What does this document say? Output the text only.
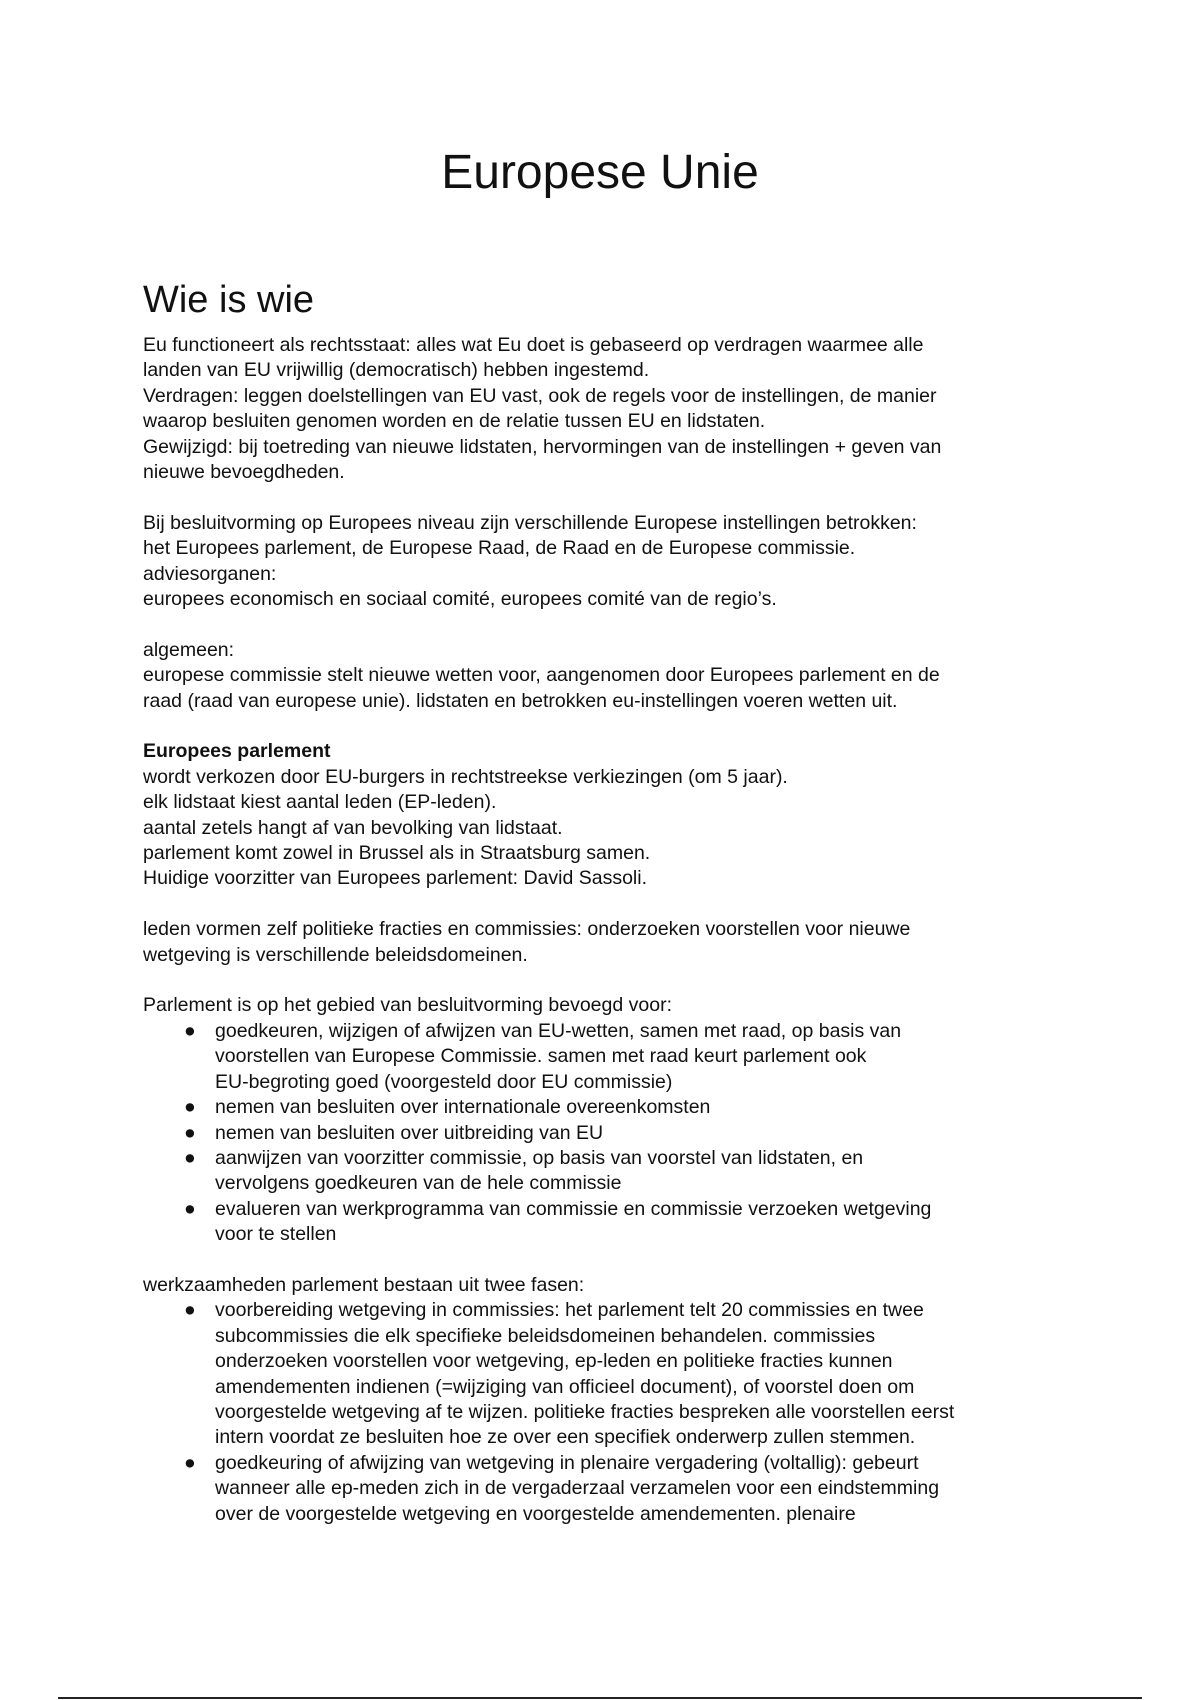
Europese Unie
Wie is wie

Eu functioneert als rechtsstaat: alles wat Eu doet is gebaseerd op verdragen waarmee alle

landen van EU vrijwillig (democratisch) hebben ingestemd.

Verdragen: leggen doelstellingen van EU vast, ook de regels voor de instellingen, de manier

waarop besluiten genomen worden en de relatie tussen EU en lidstaten.

Gewijzigd: bij toetreding van nieuwe lidstaten, hervormingen van de instellingen + geven van

nieuwe bevoegdheden.

Bij besluitvorming op Europees niveau zijn verschillende Europese instellingen betrokken:

het Europees parlement, de Europese Raad, de Raad en de Europese commissie.

adviesorganen:

europees economisch en sociaal comité, europees comité van de regio’s.

algemeen:

europese commissie stelt nieuwe wetten voor, aangenomen door Europees parlement en de

raad (raad van europese unie). lidstaten en betrokken eu-instellingen voeren wetten uit.

Europees parlement

wordt verkozen door EU-burgers in rechtstreekse verkiezingen (om 5 jaar).

elk lidstaat kiest aantal leden (EP-leden).

aantal zetels hangt af van bevolking van lidstaat.

parlement komt zowel in Brussel als in Straatsburg samen.

Huidige voorzitter van Europees parlement: David Sassoli.

leden vormen zelf politieke fracties en commissies: onderzoeken voorstellen voor nieuwe

wetgeving is verschillende beleidsdomeinen.

Parlement is op het gebied van besluitvorming bevoegd voor:

● goedkeuren, wijzigen of afwijzen van EU-wetten, samen met raad, op basis van
voorstellen van Europese Commissie. samen met raad keurt parlement ook
EU-begroting goed (voorgesteld door EU commissie)
● nemen van besluiten over internationale overeenkomsten
● nemen van besluiten over uitbreiding van EU
● aanwijzen van voorzitter commissie, op basis van voorstel van lidstaten, en
vervolgens goedkeuren van de hele commissie
● evalueren van werkprogramma van commissie en commissie verzoeken wetgeving
voor te stellen

werkzaamheden parlement bestaan uit twee fasen:

● voorbereiding wetgeving in commissies: het parlement telt 20 commissies en twee
subcommissies die elk specifieke beleidsdomeinen behandelen. commissies
onderzoeken voorstellen voor wetgeving, ep-leden en politieke fracties kunnen
amendementen indienen (=wijziging van officieel document), of voorstel doen om
voorgestelde wetgeving af te wijzen. politieke fracties bespreken alle voorstellen eerst
intern voordat ze besluiten hoe ze over een specifiek onderwerp zullen stemmen.
● goedkeuring of afwijzing van wetgeving in plenaire vergadering (voltallig): gebeurt
wanneer alle ep-meden zich in de vergaderzaal verzamelen voor een eindstemming
over de voorgestelde wetgeving en voorgestelde amendementen. plenaire
